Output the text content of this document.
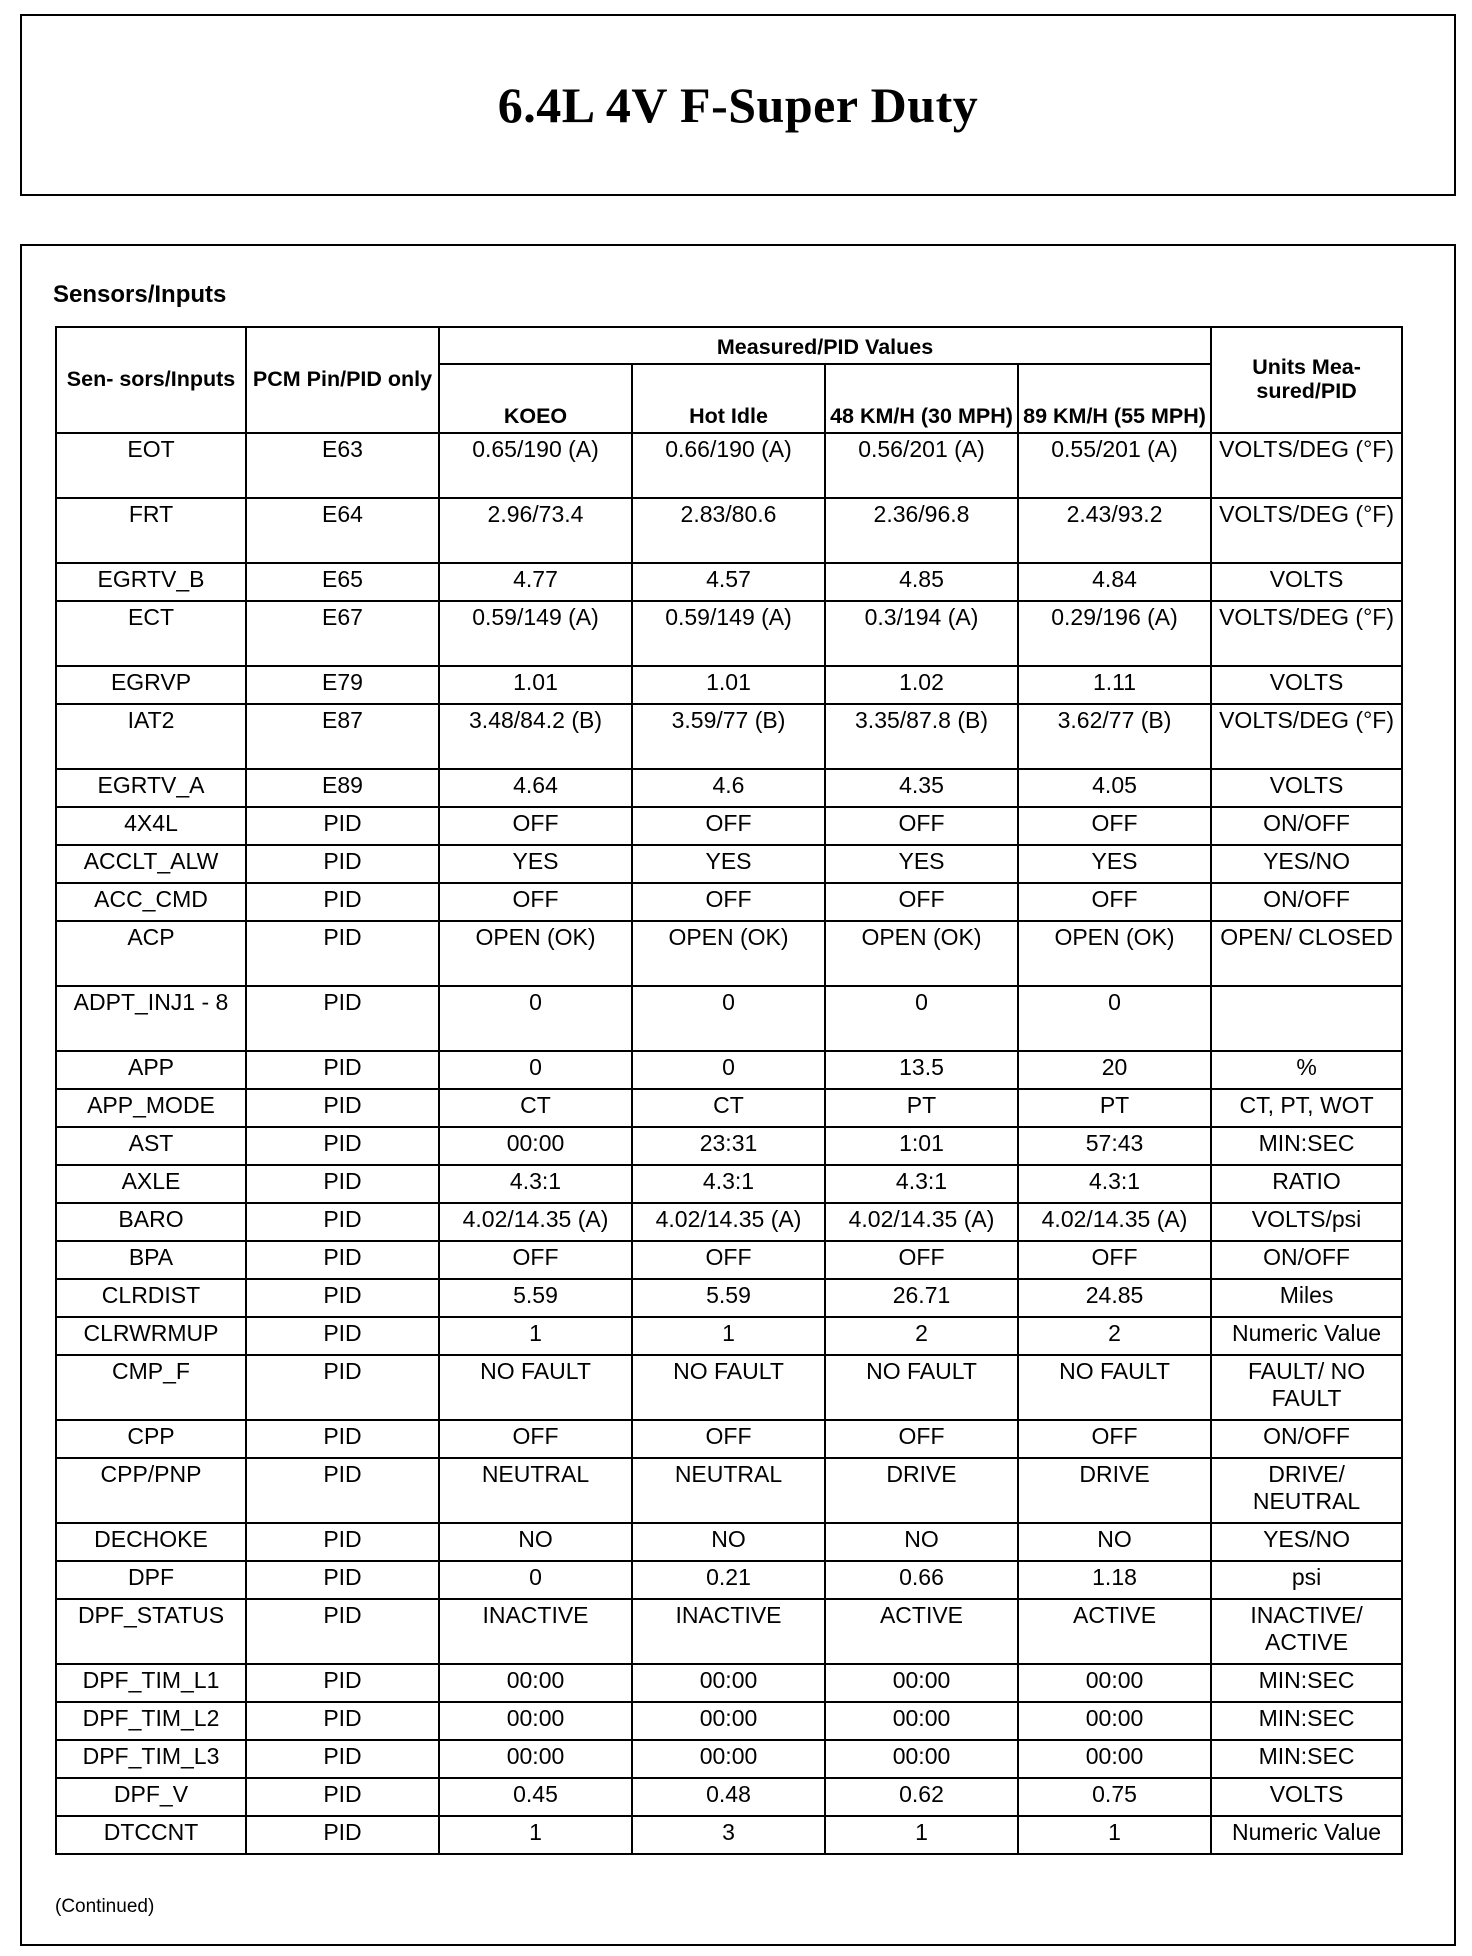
6.4L 4V F-Super Duty
Sensors/Inputs
Sen- sors/Inputs	PCM Pin/PID only	Measured/PID Values				Units Mea- sured/PID
		KOEO	Hot Idle	48 KM/H (30 MPH)	89 KM/H (55 MPH)	
EOT	E63	0.65/190 (A)	0.66/190 (A)	0.56/201 (A)	0.55/201 (A)	VOLTS/DEG (°F)
FRT	E64	2.96/73.4	2.83/80.6	2.36/96.8	2.43/93.2	VOLTS/DEG (°F)
EGRTV_B	E65	4.77	4.57	4.85	4.84	VOLTS
ECT	E67	0.59/149 (A)	0.59/149 (A)	0.3/194 (A)	0.29/196 (A)	VOLTS/DEG (°F)
EGRVP	E79	1.01	1.01	1.02	1.11	VOLTS
IAT2	E87	3.48/84.2 (B)	3.59/77 (B)	3.35/87.8 (B)	3.62/77 (B)	VOLTS/DEG (°F)
EGRTV_A	E89	4.64	4.6	4.35	4.05	VOLTS
4X4L	PID	OFF	OFF	OFF	OFF	ON/OFF
ACCLT_ALW	PID	YES	YES	YES	YES	YES/NO
ACC_CMD	PID	OFF	OFF	OFF	OFF	ON/OFF
ACP	PID	OPEN (OK)	OPEN (OK)	OPEN (OK)	OPEN (OK)	OPEN/ CLOSED
ADPT_INJ1 - 8	PID	0	0	0	0	
APP	PID	0	0	13.5	20	%
APP_MODE	PID	CT	CT	PT	PT	CT, PT, WOT
AST	PID	00:00	23:31	1:01	57:43	MIN:SEC
AXLE	PID	4.3:1	4.3:1	4.3:1	4.3:1	RATIO
BARO	PID	4.02/14.35 (A)	4.02/14.35 (A)	4.02/14.35 (A)	4.02/14.35 (A)	VOLTS/psi
BPA	PID	OFF	OFF	OFF	OFF	ON/OFF
CLRDIST	PID	5.59	5.59	26.71	24.85	Miles
CLRWRMUP	PID	1	1	2	2	Numeric Value
CMP_F	PID	NO FAULT	NO FAULT	NO FAULT	NO FAULT	FAULT/ NO FAULT
CPP	PID	OFF	OFF	OFF	OFF	ON/OFF
CPP/PNP	PID	NEUTRAL	NEUTRAL	DRIVE	DRIVE	DRIVE/ NEUTRAL
DECHOKE	PID	NO	NO	NO	NO	YES/NO
DPF	PID	0	0.21	0.66	1.18	psi
DPF_STATUS	PID	INACTIVE	INACTIVE	ACTIVE	ACTIVE	INACTIVE/ ACTIVE
DPF_TIM_L1	PID	00:00	00:00	00:00	00:00	MIN:SEC
DPF_TIM_L2	PID	00:00	00:00	00:00	00:00	MIN:SEC
DPF_TIM_L3	PID	00:00	00:00	00:00	00:00	MIN:SEC
DPF_V	PID	0.45	0.48	0.62	0.75	VOLTS
DTCCNT	PID	1	3	1	1	Numeric Value
(Continued)
